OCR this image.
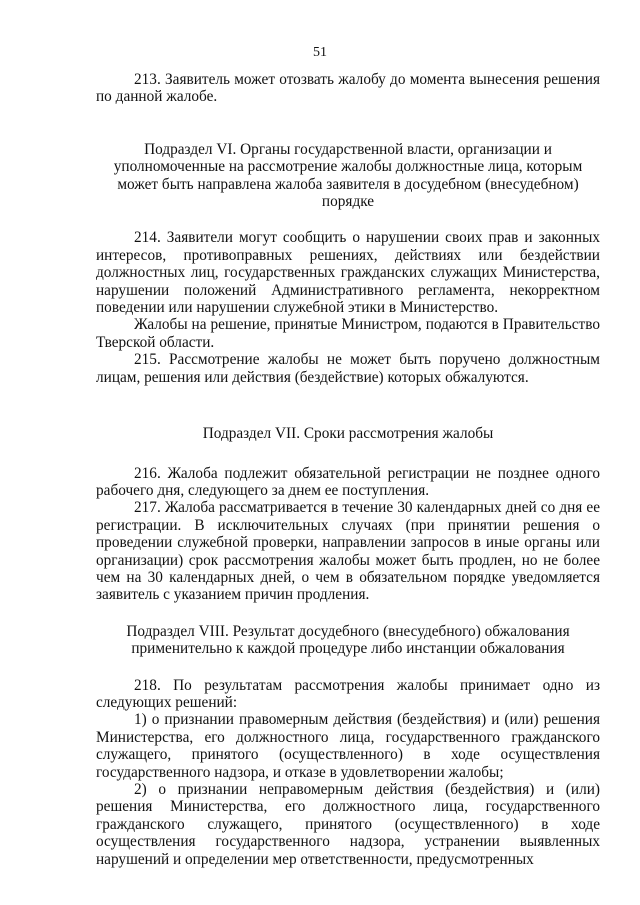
51

213. Заявитель может отозвать жалобу до момента вынесения решения по данной жалобе.

Подраздел VI. Органы государственной власти, организации и уполномоченные на рассмотрение жалобы должностные лица, которым может быть направлена жалоба заявителя в досудебном (внесудебном) порядке

214. Заявители могут сообщить о нарушении своих прав и законных интересов, противоправных решениях, действиях или бездействии должностных лиц, государственных гражданских служащих Министерства, нарушении положений Административного регламента, некорректном поведении или нарушении служебной этики в Министерство.

Жалобы на решение, принятые Министром, подаются в Правительство Тверской области.

215. Рассмотрение жалобы не может быть поручено должностным лицам, решения или действия (бездействие) которых обжалуются.

Подраздел VII. Сроки рассмотрения жалобы

216. Жалоба подлежит обязательной регистрации не позднее одного рабочего дня, следующего за днем ее поступления.

217. Жалоба рассматривается в течение 30 календарных дней со дня ее регистрации. В исключительных случаях (при принятии решения о проведении служебной проверки, направлении запросов в иные органы или организации) срок рассмотрения жалобы может быть продлен, но не более чем на 30 календарных дней, о чем в обязательном порядке уведомляется заявитель с указанием причин продления.

Подраздел VIII. Результат досудебного (внесудебного) обжалования применительно к каждой процедуре либо инстанции обжалования

218. По результатам рассмотрения жалобы принимает одно из следующих решений:

1) о признании правомерным действия (бездействия) и (или) решения Министерства, его должностного лица, государственного гражданского служащего, принятого (осуществленного) в ходе осуществления государственного надзора, и отказе в удовлетворении жалобы;

2) о признании неправомерным действия (бездействия) и (или) решения Министерства, его должностного лица, государственного гражданского служащего, принятого (осуществленного) в ходе осуществления государственного надзора, устранении выявленных нарушений и определении мер ответственности, предусмотренных
